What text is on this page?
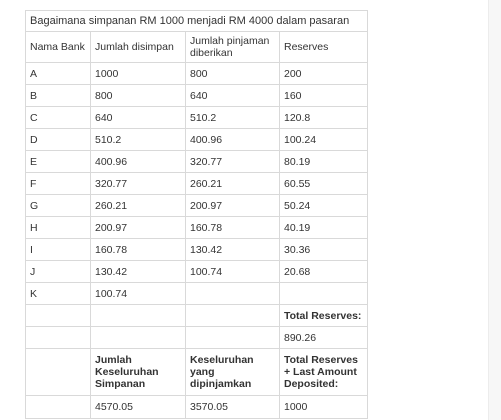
Bagaimana simpanan RM 1000 menjadi RM 4000 dalam pasaran			
Nama Bank	Jumlah disimpan	Jumlah pinjaman diberikan	Reserves
A	1000	800	200
B	800	640	160
C	640	510.2	120.8
D	510.2	400.96	100.24
E	400.96	320.77	80.19
F	320.77	260.21	60.55
G	260.21	200.97	50.24
H	200.97	160.78	40.19
I	160.78	130.42	30.36
J	130.42	100.74	20.68
K	100.74		
			Total Reserves:
			890.26
	Jumlah Keseluruhan Simpanan	Keseluruhan yang dipinjamkan	Total Reserves + Last Amount Deposited:
	4570.05	3570.05	1000
